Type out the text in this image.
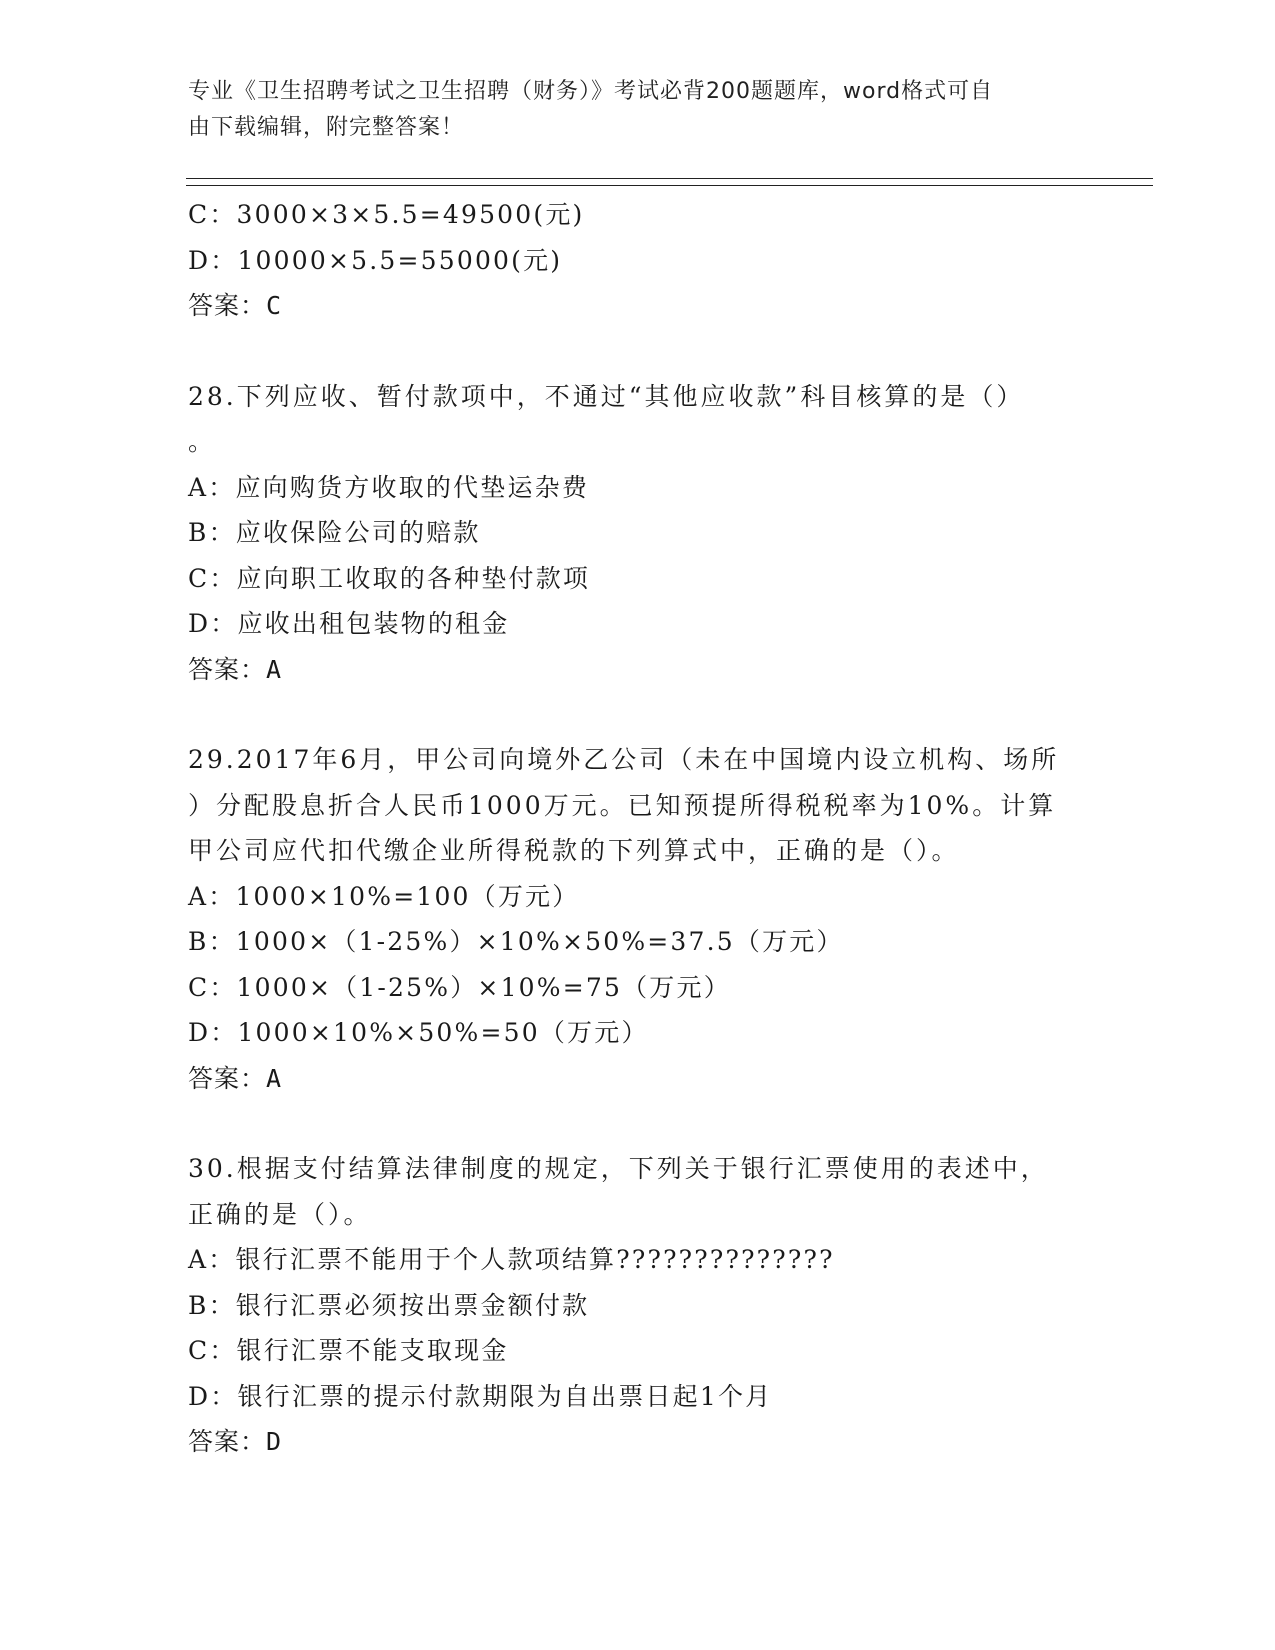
专业《卫生招聘考试之卫生招聘（财务）》考试必背200题题库，word格式可自
由下载编辑，附完整答案！
C：3000×3×5.5=49500(元)
D：10000×5.5=55000(元)
答案：C
28.下列应收、暂付款项中，不通过“其他应收款”科目核算的是（）
。
A：应向购货方收取的代垫运杂费
B：应收保险公司的赔款
C：应向职工收取的各种垫付款项
D：应收出租包装物的租金
答案：A
29.2017年6月，甲公司向境外乙公司（未在中国境内设立机构、场所
）分配股息折合人民币1000万元。已知预提所得税税率为10%。计算
甲公司应代扣代缴企业所得税款的下列算式中，正确的是（）。
A：1000×10%=100（万元）
B：1000×（1-25%）×10%×50%=37.5（万元）
C：1000×（1-25%）×10%=75（万元）
D：1000×10%×50%=50（万元）
答案：A
30.根据支付结算法律制度的规定，下列关于银行汇票使用的表述中，
正确的是（）。
A：银行汇票不能用于个人款项结算??????????????
B：银行汇票必须按出票金额付款
C：银行汇票不能支取现金
D：银行汇票的提示付款期限为自出票日起1个月
答案：D
